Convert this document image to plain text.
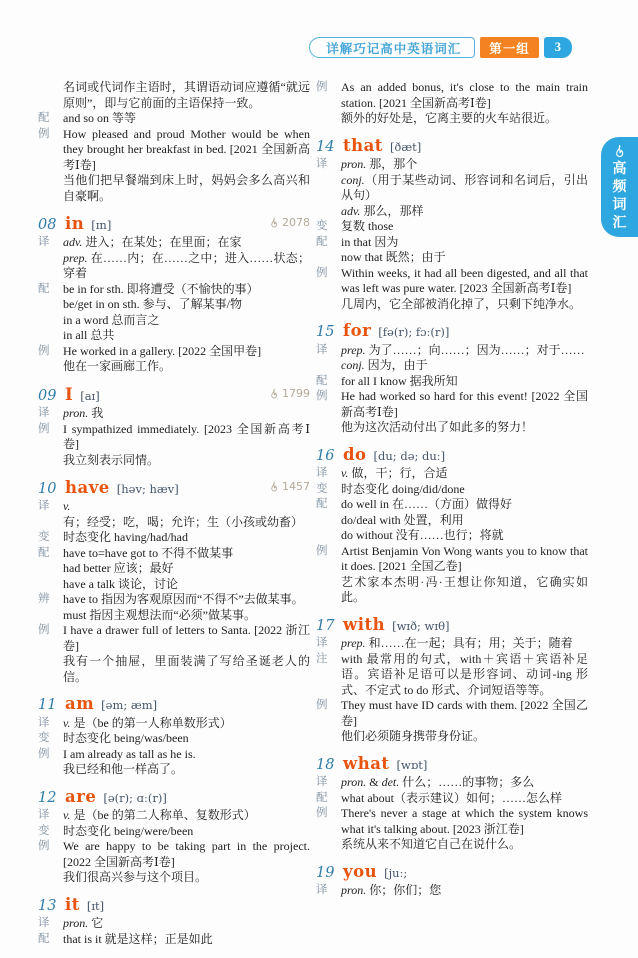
详解巧记高中英语词汇 第一组 3
高频词汇
名词或代词作主语时，其谓语动词应遵循“就远原则”，即与它前面的主语保持一致。
配	and so on 等等
例	How pleased and proud Mother would be when they brought her breakfast in bed. [2021 全国新高考Ⅰ卷]
当他们把早餐端到床上时，妈妈会多么高兴和自豪啊。
08 in [ɪn]	2078
译	adv. 进入；在某处；在里面；在家
prep. 在……内；在……之中；进入……状态；穿着
配	be in for sth. 即将遭受（不愉快的事）
be/get in on sth. 参与、了解某事/物
in a word 总而言之
in all 总共
例	He worked in a gallery. [2022 全国甲卷]
他在一家画廊工作。
09 I [aɪ]	1799
译	pron. 我
例	I sympathized immediately. [2023 全国新高考Ⅰ卷]
我立刻表示同情。
10 have [həv; hæv]	1457
译	v. 有；经受；吃，喝；允许；生（小孩或幼畜）
变	时态变化 having/had/had
配	have to=have got to 不得不做某事
had better 应该；最好
have a talk 谈论，讨论
辨	have to 指因为客观原因而“不得不”去做某事。
must 指因主观想法而“必须”做某事。
例	I have a drawer full of letters to Santa. [2022 浙江卷]
我有一个抽屉，里面装满了写给圣诞老人的信。
11 am [əm; æm]
译	v. 是（be 的第一人称单数形式）
变	时态变化 being/was/been
例	I am already as tall as he is.
我已经和他一样高了。
12 are [ə(r); ɑː(r)]
译	v. 是（be 的第二人称单、复数形式）
变	时态变化 being/were/been
例	We are happy to be taking part in the project. [2022 全国新高考Ⅰ卷]
我们很高兴参与这个项目。
13 it [ɪt]
译	pron. 它
配	that is it 就是这样；正是如此
例	As an added bonus, it's close to the main train station. [2021 全国新高考Ⅰ卷]
额外的好处是，它离主要的火车站很近。
14 that [ðæt]
译	pron. 那，那个
conj.（用于某些动词、形容词和名词后，引出从句）
adv. 那么，那样
变	复数 those
配	in that 因为
now that 既然；由于
例	Within weeks, it had all been digested, and all that was left was pure water. [2023 全国新高考Ⅰ卷]
几周内，它全部被消化掉了，只剩下纯净水。
15 for [fə(r); fɔː(r)]
译	prep. 为了……；向……；因为……；对于……
conj. 因为，由于
配	for all I know 据我所知
例	He had worked so hard for this event! [2022 全国新高考Ⅰ卷]
他为这次活动付出了如此多的努力！
16 do [du; də; duː]
译	v. 做，干；行，合适
变	时态变化 doing/did/done
配	do well in 在……（方面）做得好
do/deal with 处置，利用
do without 没有……也行；将就
例	Artist Benjamin Von Wong wants you to know that it does. [2021 全国乙卷]
艺术家本杰明·冯·王想让你知道，它确实如此。
17 with [wɪð; wɪθ]
译	prep. 和……在一起；具有；用；关于；随着
注	with 最常用的句式，with＋宾语＋宾语补足语。宾语补足语可以是形容词、动词-ing 形式、不定式 to do 形式、介词短语等等。
例	They must have ID cards with them. [2022 全国乙卷]
他们必须随身携带身份证。
18 what [wɒt]
译	pron. & det. 什么；……的事物；多么
配	what about（表示建议）如何；……怎么样
例	There's never a stage at which the system knows what it's talking about. [2023 浙江卷]
系统从来不知道它自己在说什么。
19 you [juː;
译	pron. 你；你们；您
